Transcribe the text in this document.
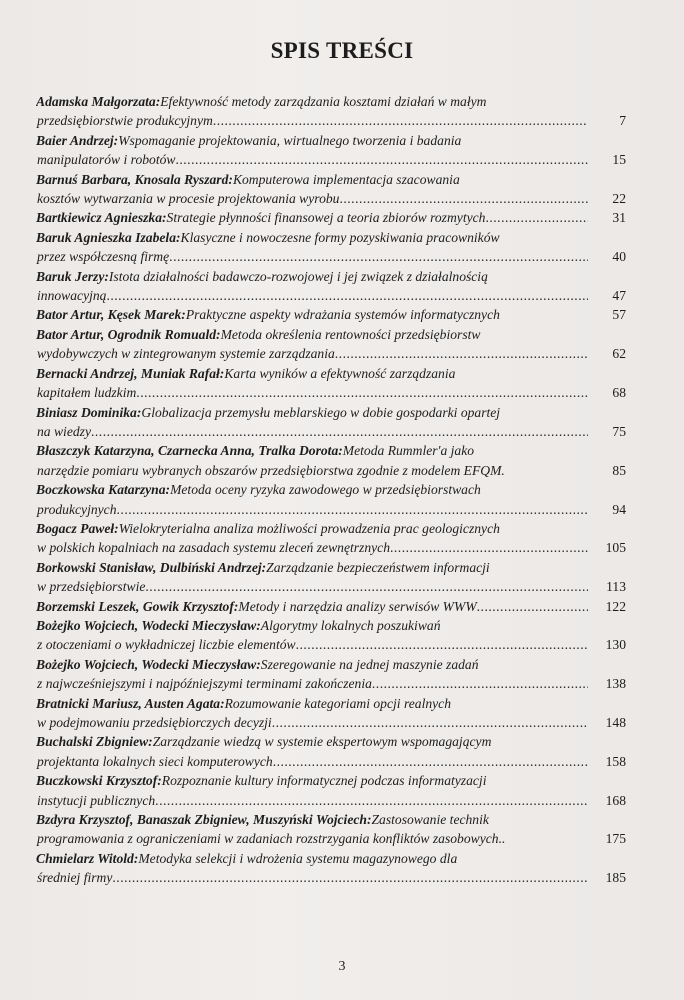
SPIS TREŚCI
Adamska Małgorzata: Efektywność metody zarządzania kosztami działań w małym
przedsiębiorstwie produkcyjnym .....	7
Baier Andrzej: Wspomaganie projektowania, wirtualnego tworzenia i badania
manipulatorów i robotów .....	15
Barnuś Barbara, Knosala Ryszard: Komputerowa implementacja szacowania
kosztów wytwarzania w procesie projektowania wyrobu .....	22
Bartkiewicz Agnieszka: Strategie płynności finansowej a teoria zbiorów rozmytych .....	31
Baruk Agnieszka Izabela: Klasyczne i nowoczesne formy pozyskiwania pracowników
przez współczesną firmę .....	40
Baruk Jerzy: Istota działalności badawczo-rozwojowej i jej związek z działalnością
innowacyjną .....	47
Bator Artur, Kęsek Marek: Praktyczne aspekty wdrażania systemów informatycznych	57
Bator Artur, Ogrodnik Romuald: Metoda określenia rentowności przedsiębiorstw
wydobywczych w zintegrowanym systemie zarządzania .....	62
Bernacki Andrzej, Muniak Rafał: Karta wyników a efektywność zarządzania
kapitałem ludzkim .....	68
Biniasz Dominika: Globalizacja przemysłu meblarskiego w dobie gospodarki opartej
na wiedzy .....	75
Błaszczyk Katarzyna, Czarnecka Anna, Tralka Dorota: Metoda Rummler'a jako
narzędzie pomiaru wybranych obszarów przedsiębiorstwa zgodnie z modelem EFQM.	85
Boczkowska Katarzyna: Metoda oceny ryzyka zawodowego w przedsiębiorstwach
produkcyjnych .....	94
Bogacz Paweł: Wielokryterialna analiza możliwości prowadzenia prac geologicznych
w polskich kopalniach na zasadach systemu zleceń zewnętrznych .....	105
Borkowski Stanisław, Dulbiński Andrzej: Zarządzanie bezpieczeństwem informacji
w przedsiębiorstwie .....	113
Borzemski Leszek, Gowik Krzysztof: Metody i narzędzia analizy serwisów WWW .....	122
Bożejko Wojciech, Wodecki Mieczysław: Algorytmy lokalnych poszukiwań
z otoczeniami o wykładniczej liczbie elementów .....	130
Bożejko Wojciech, Wodecki Mieczysław: Szeregowanie na jednej maszynie zadań
z najwcześniejszymi i najpóźniejszymi terminami zakończenia .....	138
Bratnicki Mariusz, Austen Agata: Rozumowanie kategoriami opcji realnych
w podejmowaniu przedsiębiorczych decyzji .....	148
Buchalski Zbigniew: Zarządzanie wiedzą w systemie ekspertowym wspomagającym
projektanta lokalnych sieci komputerowych .....	158
Buczkowski Krzysztof: Rozpoznanie kultury informatycznej podczas informatyzacji
instytucji publicznych .....	168
Bzdyra Krzysztof, Banaszak Zbigniew, Muszyński Wojciech: Zastosowanie technik
programowania z ograniczeniami w zadaniach rozstrzygania konfliktów zasobowych..	175
Chmielarz Witold: Metodyka selekcji i wdrożenia systemu magazynowego dla
średniej firmy .....	185
3
